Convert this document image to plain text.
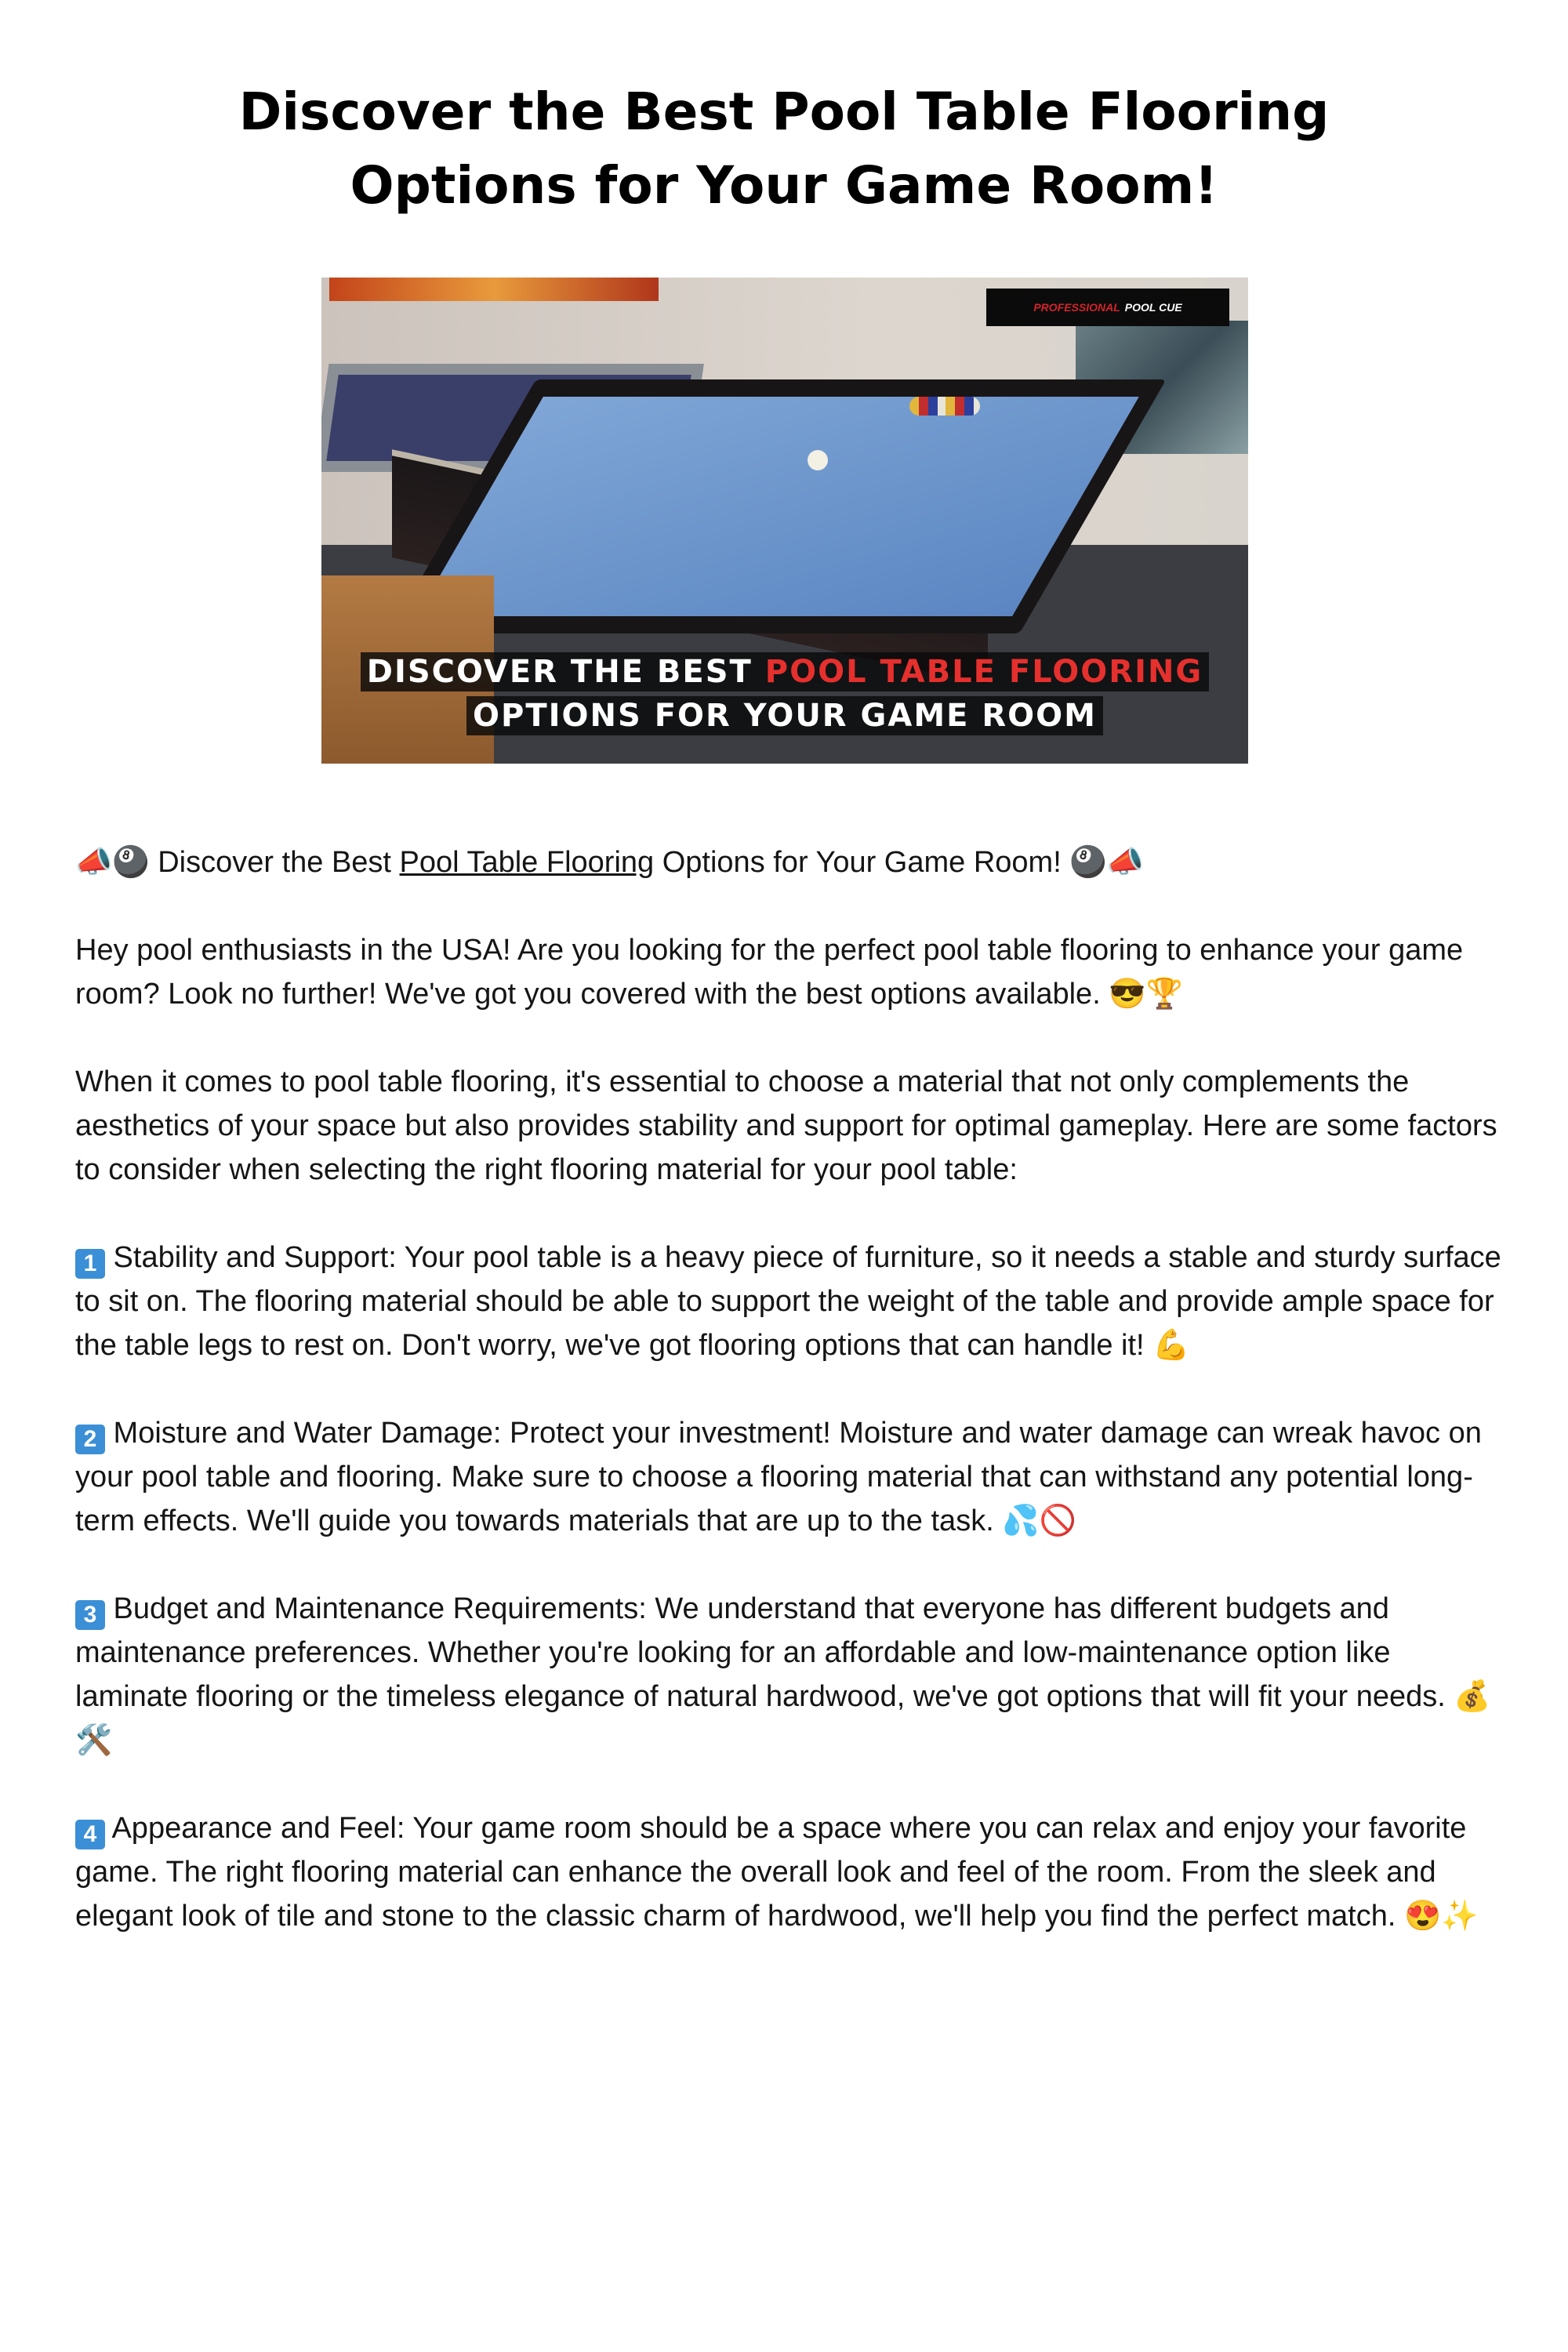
Discover the Best Pool Table Flooring
Options for Your Game Room!
PROFESSIONAL POOL CUE
DISCOVER THE BEST POOL TABLE FLOORING
OPTIONS FOR YOUR GAME ROOM

📣🎱 Discover the Best Pool Table Flooring Options for Your Game Room! 🎱📣

Hey pool enthusiasts in the USA! Are you looking for the perfect pool table flooring to enhance your game room? Look no further! We've got you covered with the best options available. 😎🏆

When it comes to pool table flooring, it's essential to choose a material that not only complements the aesthetics of your space but also provides stability and support for optimal gameplay. Here are some factors to consider when selecting the right flooring material for your pool table:

1 Stability and Support: Your pool table is a heavy piece of furniture, so it needs a stable and sturdy surface to sit on. The flooring material should be able to support the weight of the table and provide ample space for the table legs to rest on. Don't worry, we've got flooring options that can handle it! 💪

2 Moisture and Water Damage: Protect your investment! Moisture and water damage can wreak havoc on your pool table and flooring. Make sure to choose a flooring material that can withstand any potential long-term effects. We'll guide you towards materials that are up to the task. 💦🚫

3 Budget and Maintenance Requirements: We understand that everyone has different budgets and maintenance preferences. Whether you're looking for an affordable and low-maintenance option like laminate flooring or the timeless elegance of natural hardwood, we've got options that will fit your needs. 💰🛠️

4 Appearance and Feel: Your game room should be a space where you can relax and enjoy your favorite game. The right flooring material can enhance the overall look and feel of the room. From the sleek and elegant look of tile and stone to the classic charm of hardwood, we'll help you find the perfect match. 😍✨
